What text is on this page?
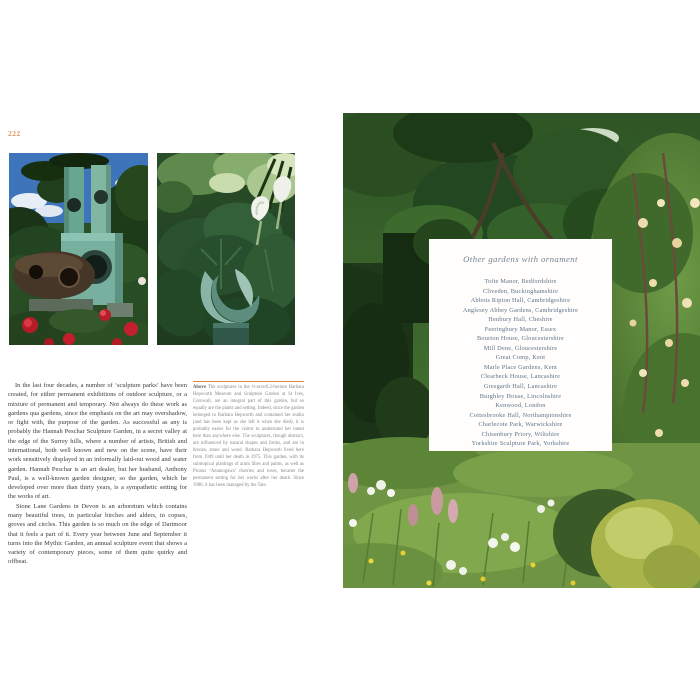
222

In the last four decades, a number of ‘sculpture parks’ have been created, for either permanent exhibitions of outdoor sculpture, or a mixture of permanent and temporary. Not always do these work as gardens qua gardens, since the emphasis on the art may overshadow, or fight with, the purpose of the garden. As successful as any is probably the Hannah Peschar Sculpture Garden, in a secret valley at the edge of the Surrey hills, where a number of artists, British and international, both well known and new on the scene, have their work sensitively displayed in an informally laid-out wood and water garden. Hannah Peschar is an art dealer, but her husband, Anthony Paul, is a well-known garden designer, so the garden, which he developed over more than thirty years, is a sympathetic setting for the works of art.

Stone Lane Gardens in Devon is an arboretum which contains many beautiful trees, in particular birches and alders, in copses, groves and circles. This garden is so much on the edge of Dartmoor that it feels a part of it. Every year between June and September it turns into the Mythic Garden, an annual sculpture event that shows a variety of contemporary pieces, some of them quite quirky and offbeat.

Above The sculptures in the ½-acre/0.2-hectare Barbara Hepworth Museum and Sculpture Garden at St Ives, Cornwall, are an integral part of this garden, but so equally are the plants and setting. Indeed, since the garden belonged to Barbara Hepworth and contained her studio (and has been kept as she left it when she died), it is probably easier for the visitor to understand her intent here than anywhere else. The sculptures, though abstract, are influenced by natural shapes and forms, and are in bronze, stone and wood. Barbara Hepworth lived here from 1949 until her death in 1975. This garden, with its subtropical plantings of arum lilies and palms, as well as Prunus ‘Amanogawa’ cherries and roses, became the permanent setting for her works after her death. Since 1980, it has been managed by the Tate.

Other gardens with ornament

Tofte Manor, Bedfordshire
Cliveden, Buckinghamshire
Abbots Ripton Hall, Cambridgeshire
Anglesey Abbey Gardens, Cambridgeshire
Henbury Hall, Cheshire
Feeringbury Manor, Essex
Bourton House, Gloucestershire
Mill Dene, Gloucestershire
Great Comp, Kent
Marle Place Gardens, Kent
Clearbeck House, Lancashire
Gresgarth Hall, Lancashire
Burghley House, Lincolnshire
Kenwood, London
Cottesbrooke Hall, Northamptonshire
Charlecote Park, Warwickshire
Chisenbury Priory, Wiltshire
Yorkshire Sculpture Park, Yorkshire
